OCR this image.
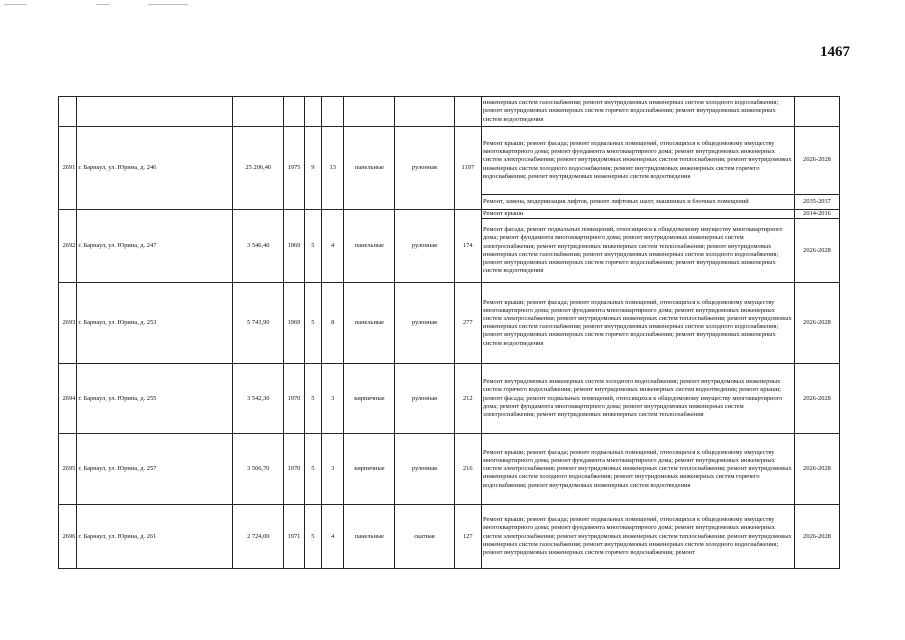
1467
									инженерных систем газоснабжения; ремонт внутридомовых инженерных систем холодного водоснабжения; ремонт внутридомовых инженерных систем горячего водоснабжения; ремонт внутридомовых инженерных систем водоотведения	
2691	г. Барнаул, ул. Юрина, д. 246	25 206,40	1975	9	13	панельные	рулонная	1197	Ремонт крыши; ремонт фасада; ремонт подвальных помещений, относящихся к общедомовому имуществу многоквартирного дома; ремонт фундамента многоквартирного дома; ремонт внутридомовых инженерных систем электроснабжения; ремонт внутридомовых инженерных систем теплоснабжения; ремонт внутридомовых инженерных систем холодного водоснабжения; ремонт внутридомовых инженерных систем горячего водоснабжения; ремонт внутридомовых инженерных систем водоотведения	2026-2028
									Ремонт, замена, модернизация лифтов, ремонт лифтовых шахт, машинных и блочных помещений	2035-2037
2692	г. Барнаул, ул. Юрина, д. 247	3 546,40	1969	5	4	панельные	рулонная	174	Ремонт крыши	2014-2016
									Ремонт фасада; ремонт подвальных помещений, относящихся к общедомовому имуществу многоквартирного дома; ремонт фундамента многоквартирного дома; ремонт внутридомовых инженерных систем электроснабжения; ремонт внутридомовых инженерных систем теплоснабжения; ремонт внутридомовых инженерных систем газоснабжения; ремонт внутридомовых инженерных систем холодного водоснабжения; ремонт внутридомовых инженерных систем горячего водоснабжения; ремонт внутридомовых инженерных систем водоотведения	2026-2028
2693	г. Барнаул, ул. Юрина, д. 253	5 743,90	1969	5	8	панельные	рулонная	277	Ремонт крыши; ремонт фасада; ремонт подвальных помещений, относящихся к общедомовому имуществу многоквартирного дома; ремонт фундамента многоквартирного дома; ремонт внутридомовых инженерных систем электроснабжения; ремонт внутридомовых инженерных систем теплоснабжения; ремонт внутридомовых инженерных систем газоснабжения; ремонт внутридомовых инженерных систем холодного водоснабжения; ремонт внутридомовых инженерных систем горячего водоснабжения; ремонт внутридомовых инженерных систем водоотведения	2026-2028
2694	г. Барнаул, ул. Юрина, д. 255	3 542,30	1970	5	3	кирпичные	рулонная	212	Ремонт внутридомовых инженерных систем холодного водоснабжения; ремонт внутридомовых инженерных систем горячего водоснабжения; ремонт внутридомовых инженерных систем водоотведения; ремонт крыши; ремонт фасада; ремонт подвальных помещений, относящихся к общедомовому имуществу многоквартирного дома; ремонт фундамента многоквартирного дома; ремонт внутридомовых инженерных систем электроснабжения; ремонт внутридомовых инженерных систем теплоснабжения	2026-2028
2695	г. Барнаул, ул. Юрина, д. 257	3 506,70	1970	5	3	кирпичные	рулонная	216	Ремонт крыши; ремонт фасада; ремонт подвальных помещений, относящихся к общедомовому имуществу многоквартирного дома; ремонт фундамента многоквартирного дома; ремонт внутридомовых инженерных систем электроснабжения; ремонт внутридомовых инженерных систем теплоснабжения; ремонт внутридомовых инженерных систем холодного водоснабжения; ремонт внутридомовых инженерных систем горячего водоснабжения; ремонт внутридомовых инженерных систем водоотведения	2026-2028
2696	г. Барнаул, ул. Юрина, д. 261	2 724,00	1971	5	4	панельные	скатная	127	Ремонт крыши; ремонт фасада; ремонт подвальных помещений, относящихся к общедомовому имуществу многоквартирного дома; ремонт фундамента многоквартирного дома; ремонт внутридомовых инженерных систем электроснабжения; ремонт внутридомовых инженерных систем теплоснабжения; ремонт внутридомовых инженерных систем газоснабжения; ремонт внутридомовых инженерных систем холодного водоснабжения; ремонт внутридомовых инженерных систем горячего водоснабжения; ремонт	2026-2028
